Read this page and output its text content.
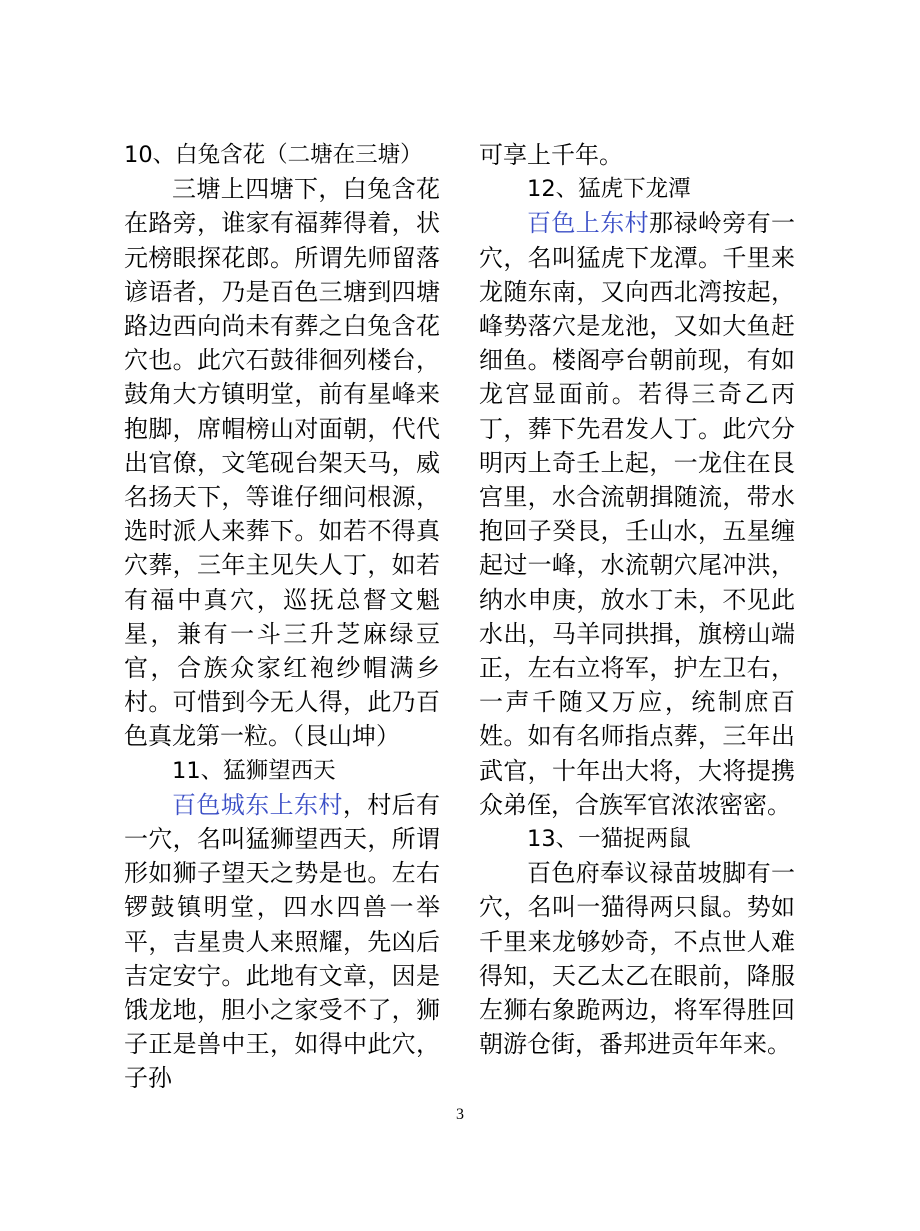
10、白兔含花（二塘在三塘）

三塘上四塘下，白兔含花在路旁，谁家有福葬得着，状元榜眼探花郎。所谓先师留落谚语者，乃是百色三塘到四塘路边西向尚未有葬之白兔含花穴也。此穴石鼓徘徊列楼台，鼓角大方镇明堂，前有星峰来抱脚，席帽榜山对面朝，代代出官僚，文笔砚台架天马，威名扬天下，等谁仔细问根源，选时派人来葬下。如若不得真穴葬，三年主见失人丁，如若有福中真穴，巡抚总督文魁星，兼有一斗三升芝麻绿豆官，合族众家红袍纱帽满乡村。可惜到今无人得，此乃百色真龙第一粒。（艮山坤）

11、猛狮望西天

百色城东上东村，村后有一穴，名叫猛狮望西天，所谓形如狮子望天之势是也。左右锣鼓镇明堂，四水四兽一举平，吉星贵人来照耀，先凶后吉定安宁。此地有文章，因是饿龙地，胆小之家受不了，狮子正是兽中王，如得中此穴，子孙

可享上千年。

12、猛虎下龙潭

百色上东村那禄岭旁有一穴，名叫猛虎下龙潭。千里来龙随东南，又向西北湾按起，峰势落穴是龙池，又如大鱼赶细鱼。楼阁亭台朝前现，有如龙宫显面前。若得三奇乙丙丁，葬下先君发人丁。此穴分明丙上奇壬上起，一龙住在艮宫里，水合流朝揖随流，带水抱回子癸艮，壬山水，五星缠起过一峰，水流朝穴尾冲洪，纳水申庚，放水丁未，不见此水出，马羊同拱揖，旗榜山端正，左右立将军，护左卫右，一声千随又万应，统制庶百姓。如有名师指点葬，三年出武官，十年出大将，大将提携众弟侄，合族军官浓浓密密。

13、一猫捉两鼠

百色府奉议禄苗坡脚有一穴，名叫一猫得两只鼠。势如千里来龙够妙奇，不点世人难得知，天乙太乙在眼前，降服左狮右象跪两边，将军得胜回朝游仓街，番邦进贡年年来。

3
